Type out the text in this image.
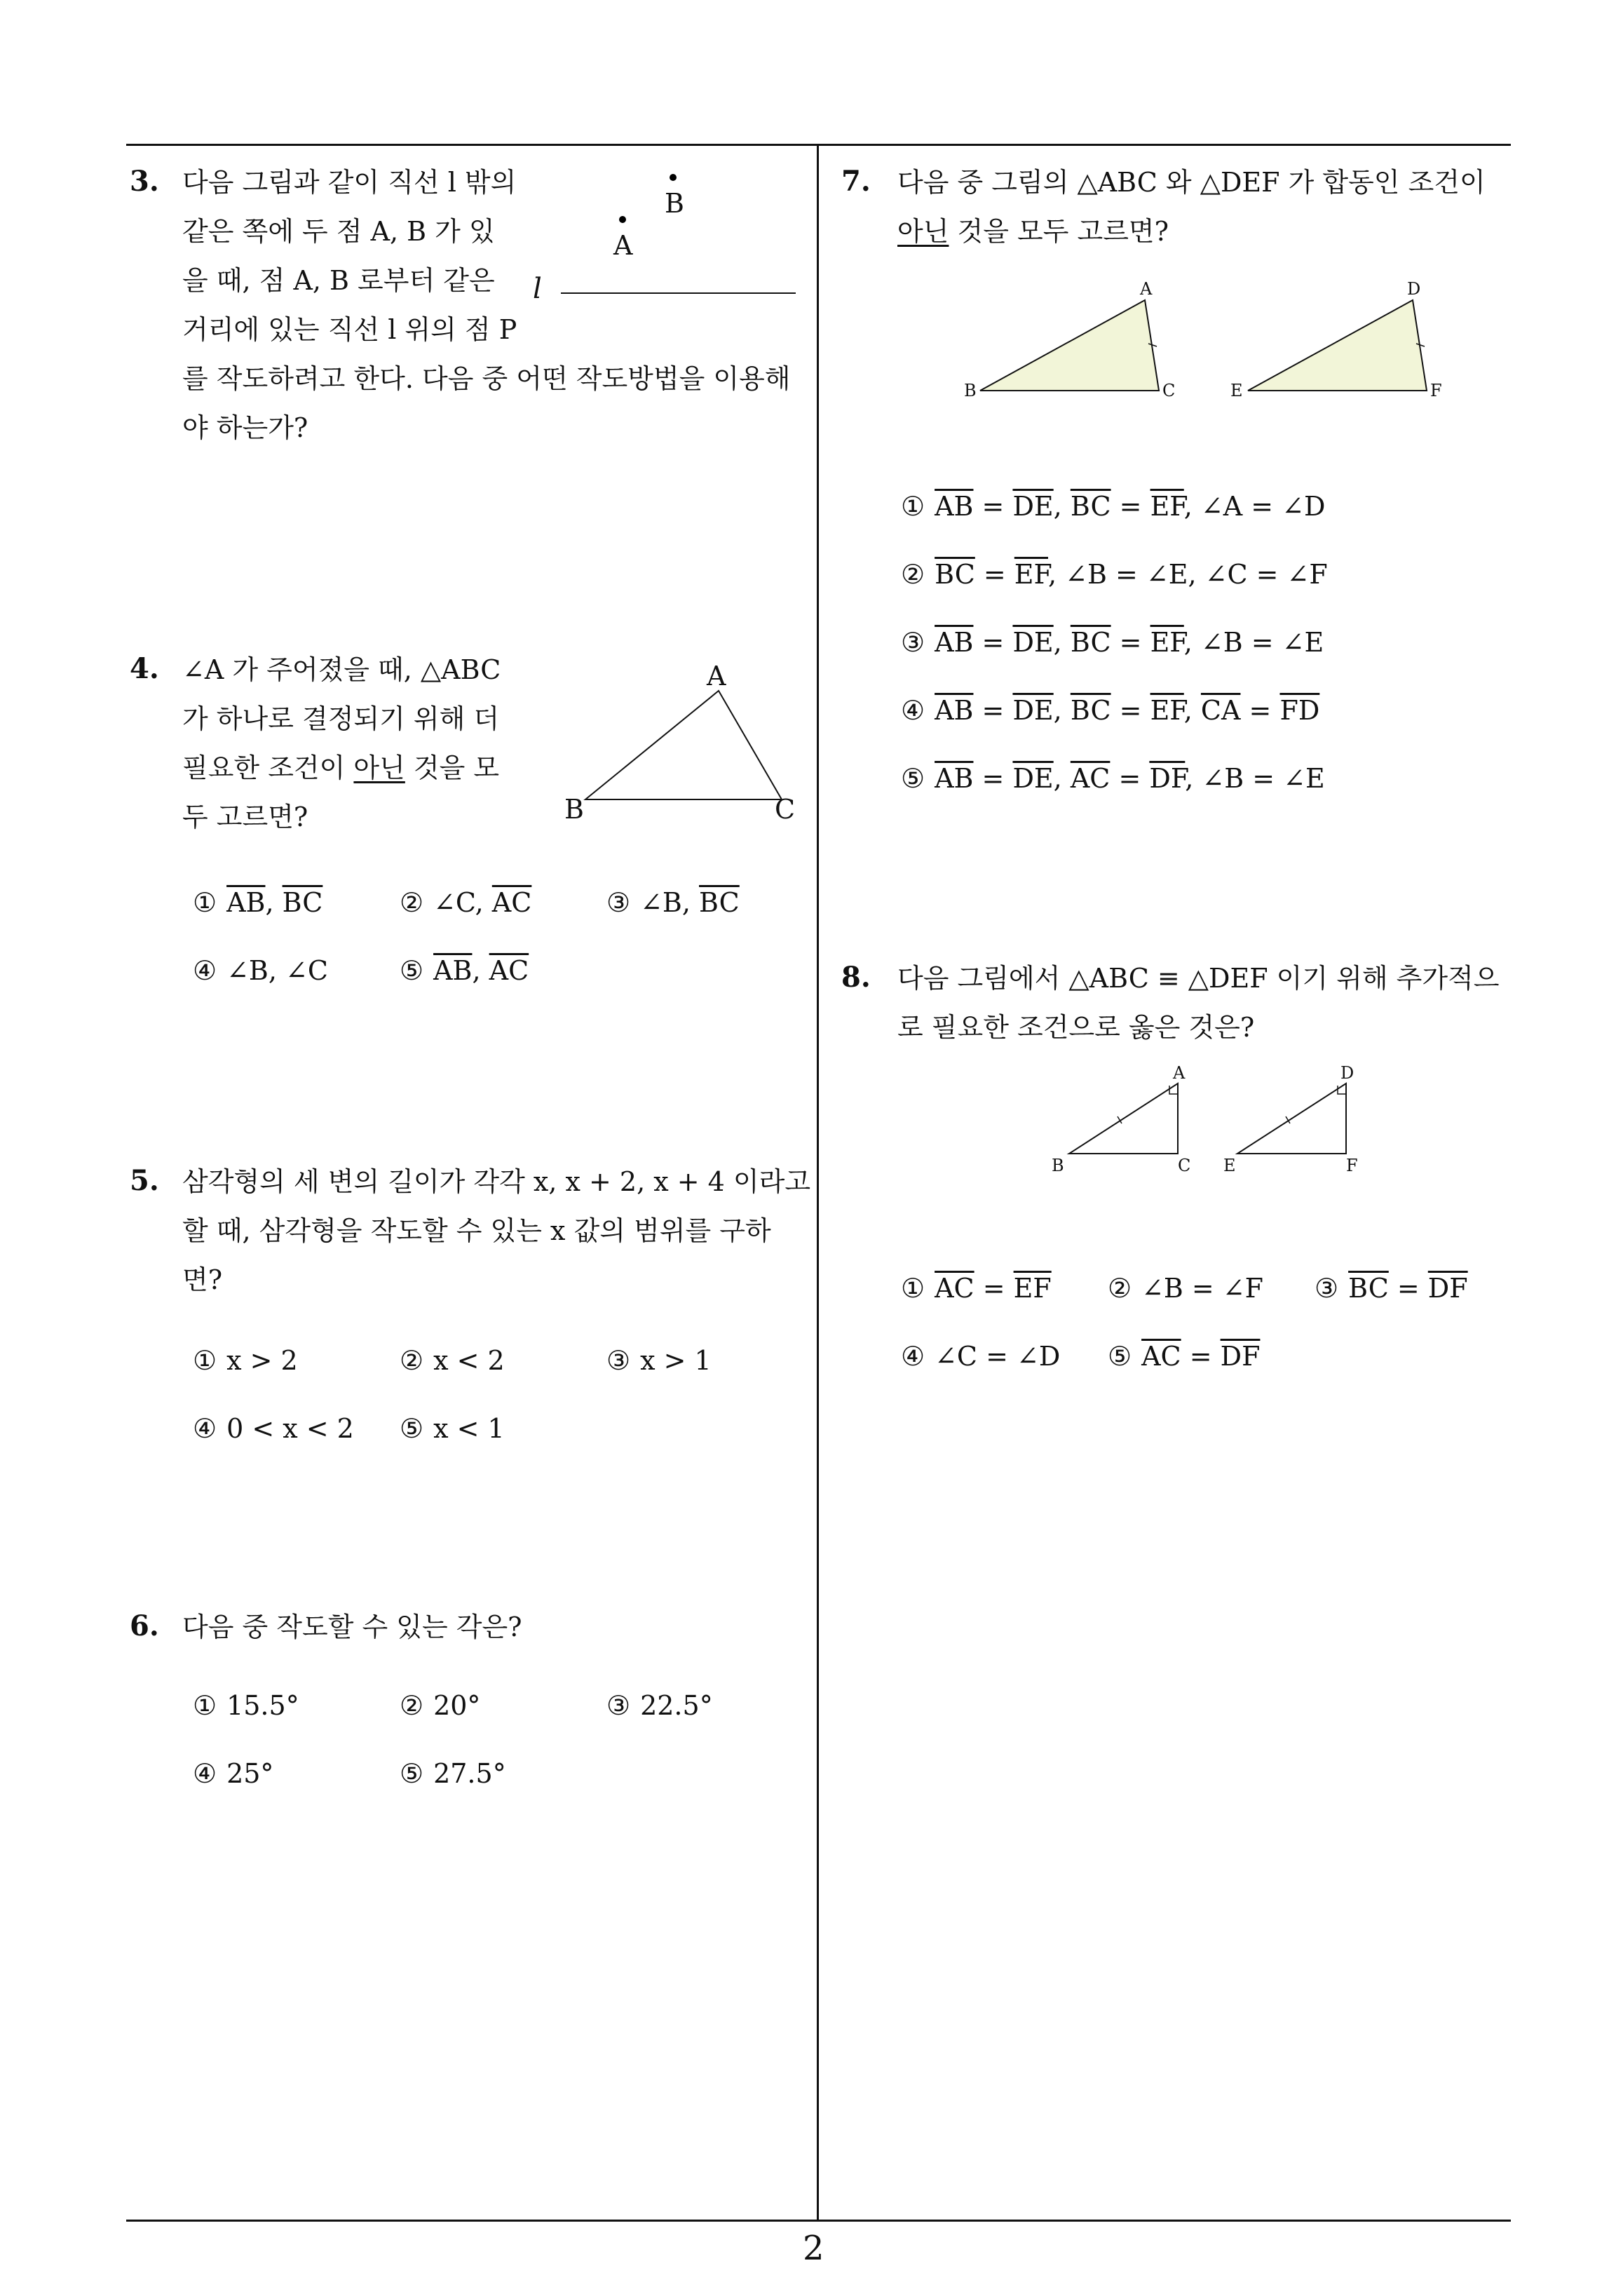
2
3. 다음 그림과 같이 직선 l 밖의
같은 쪽에 두 점 A, B 가 있
을 때, 점 A, B 로부터 같은
거리에 있는 직선 l 위의 점 P
를 작도하려고 한다. 다음 중 어떤 작도방법을 이용해
야 하는가?
B
A
l
4. ∠A 가 주어졌을 때, △ABC
가 하나로 결정되기 위해 더
필요한 조건이 아닌 것을 모
두 고르면?
A
B	C
① $\overline{AB}$, $\overline{BC}$	② ∠C, $\overline{AC}$	③ ∠B, $\overline{BC}$
④ ∠B, ∠C	⑤ $\overline{AB}$, $\overline{AC}$
5. 삼각형의 세 변의 길이가 각각 x, x + 2, x + 4 이라고
할 때, 삼각형을 작도할 수 있는 x 값의 범위를 구하
면?
① x > 2	② x < 2	③ x > 1
④ 0 < x < 2 ⑤ x < 1
6. 다음 중 작도할 수 있는 각은?
① 15.5°	② 20°	③ 22.5°
④ 25°	⑤ 27.5°
7. 다음 중 그림의 △ABC 와 △DEF 가 합동인 조건이
아닌 것을 모두 고르면?
A
B	C
D
E	F
① $\overline{AB} = \overline{DE}$, $\overline{BC} = \overline{EF}$, ∠A = ∠D
② $\overline{BC} = \overline{EF}$, ∠B = ∠E, ∠C = ∠F
③ $\overline{AB} = \overline{DE}$, $\overline{BC} = \overline{EF}$, ∠B = ∠E
④ $\overline{AB} = \overline{DE}$, $\overline{BC} = \overline{EF}$, $\overline{CA} = \overline{FD}$
⑤ $\overline{AB} = \overline{DE}$, $\overline{AC} = \overline{DF}$, ∠B = ∠E
8. 다음 그림에서 △ABC ≡ △DEF 이기 위해 추가적으
로 필요한 조건으로 옳은 것은?
A
B	C
D
E	F
① $\overline{AC} = \overline{EF}$ ② ∠B = ∠F ③ $\overline{BC} = \overline{DF}$
④ ∠C = ∠D ⑤ $\overline{AC} = \overline{DF}$
